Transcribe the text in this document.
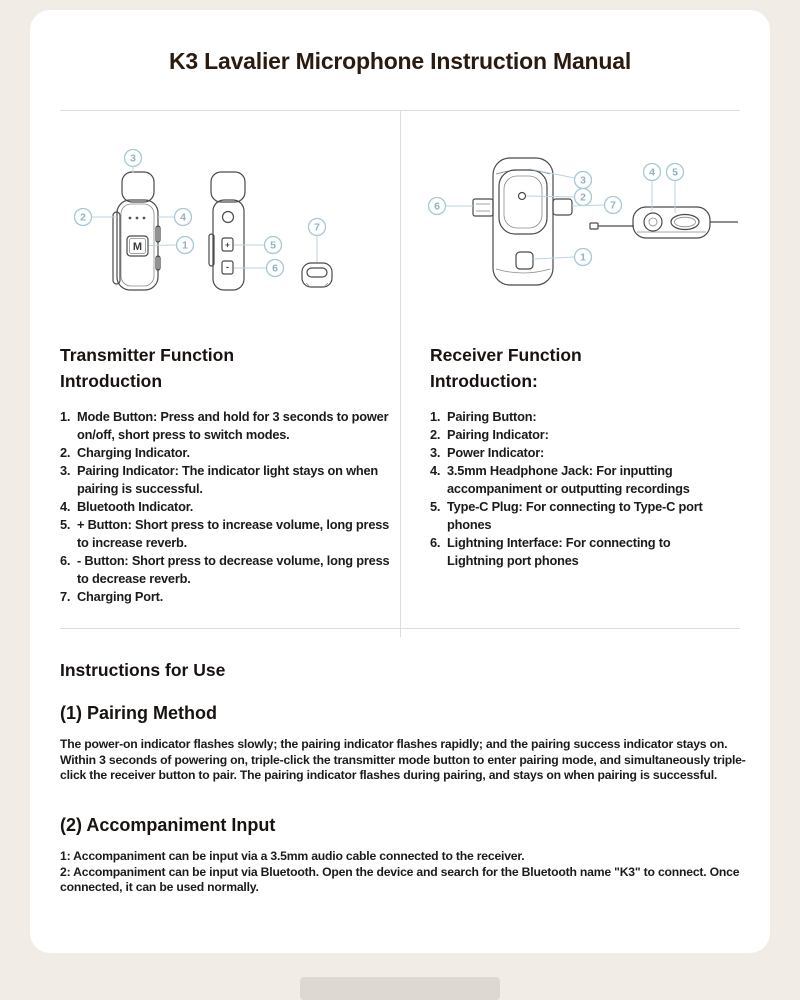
K3 Lavalier Microphone Instruction Manual
M	+
-
3
2	4
1	5
6
7
3
2
6	7
1
4 5
Transmitter Function
Introduction
1. Mode Button: Press and hold for 3 seconds to power on/off, short press to switch modes.
2. Charging Indicator.
3. Pairing Indicator: The indicator light stays on when pairing is successful.
4. Bluetooth Indicator.
5. + Button: Short press to increase volume, long press to increase reverb.
6. - Button: Short press to decrease volume, long press to decrease reverb.
7. Charging Port.
Receiver Function
Introduction:
1. Pairing Button:
2. Pairing Indicator:
3. Power Indicator:
4. 3.5mm Headphone Jack: For inputting accompaniment or outputting recordings
5. Type-C Plug: For connecting to Type-C port phones
6. Lightning Interface: For connecting to Lightning port phones
Instructions for Use
(1) Pairing Method
The power-on indicator flashes slowly; the pairing indicator flashes rapidly; and the pairing success indicator stays on. Within 3 seconds of powering on, triple-click the transmitter mode button to enter pairing mode, and simultaneously triple-click the receiver button to pair. The pairing indicator flashes during pairing, and stays on when pairing is successful.
(2) Accompaniment Input
1: Accompaniment can be input via a 3.5mm audio cable connected to the receiver.
2: Accompaniment can be input via Bluetooth. Open the device and search for the Bluetooth name "K3" to connect. Once connected, it can be used normally.
